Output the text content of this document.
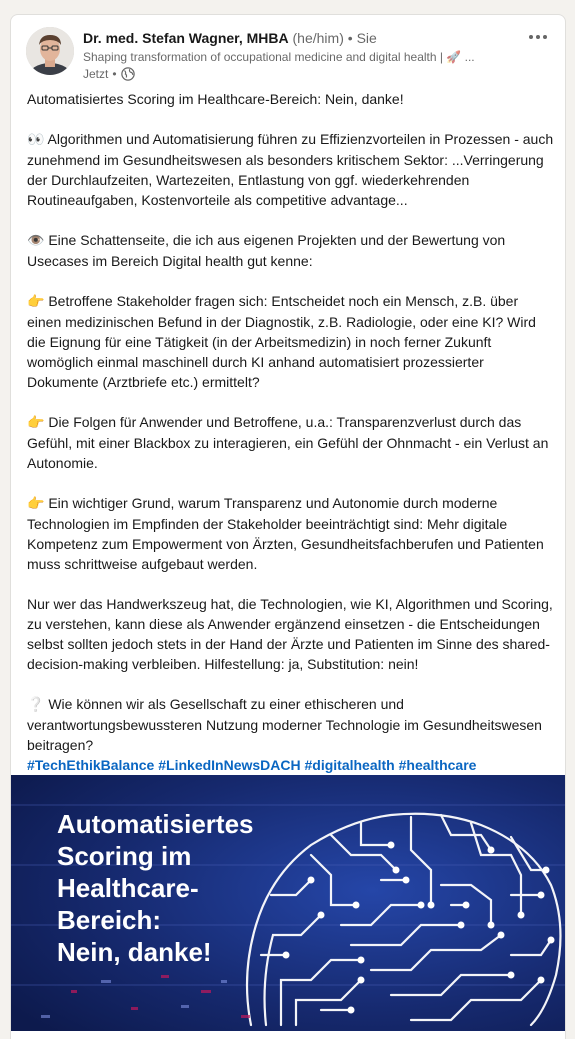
Dr. med. Stefan Wagner, MHBA (he/him) • Sie
Shaping transformation of occupational medicine and digital health | 🚀 ...
Jetzt •

Automatisiertes Scoring im Healthcare-Bereich: Nein, danke!

👀 Algorithmen und Automatisierung führen zu Effizienzvorteilen in Prozessen - auch zunehmend im Gesundheitswesen als besonders kritischem Sektor: ...Verringerung der Durchlaufzeiten, Wartezeiten, Entlastung von ggf. wiederkehrenden Routineaufgaben, Kostenvorteile als competitive advantage...

👁️ Eine Schattenseite, die ich aus eigenen Projekten und der Bewertung von Usecases im Bereich Digital health gut kenne:

👉 Betroffene Stakeholder fragen sich: Entscheidet noch ein Mensch, z.B. über einen medizinischen Befund in der Diagnostik, z.B. Radiologie, oder eine KI? Wird die Eignung für eine Tätigkeit (in der Arbeitsmedizin) in noch ferner Zukunft womöglich einmal maschinell durch KI anhand automatisiert prozessierter Dokumente (Arztbriefe etc.) ermittelt?

👉 Die Folgen für Anwender und Betroffene, u.a.: Transparenzverlust durch das Gefühl, mit einer Blackbox zu interagieren, ein Gefühl der Ohnmacht - ein Verlust an Autonomie.

👉 Ein wichtiger Grund, warum Transparenz und Autonomie durch moderne Technologien im Empfinden der Stakeholder beeinträchtigt sind: Mehr digitale Kompetenz zum Empowerment von Ärzten, Gesundheitsfachberufen und Patienten muss schrittweise aufgebaut werden.

Nur wer das Handwerkszeug hat, die Technologien, wie KI, Algorithmen und Scoring, zu verstehen, kann diese als Anwender ergänzend einsetzen - die Entscheidungen selbst sollten jedoch stets in der Hand der Ärzte und Patienten im Sinne des shared-decision-making verbleiben. Hilfestellung: ja, Substitution: nein!

❔ Wie können wir als Gesellschaft zu einer ethischeren und verantwortungsbewussteren Nutzung moderner Technologie im Gesundheitswesen beitragen?

#TechEthikBalance #LinkedInNewsDACH #digitalhealth #healthcare

Automatisiertes
Scoring im
Healthcare-
Bereich:
Nein, danke!
